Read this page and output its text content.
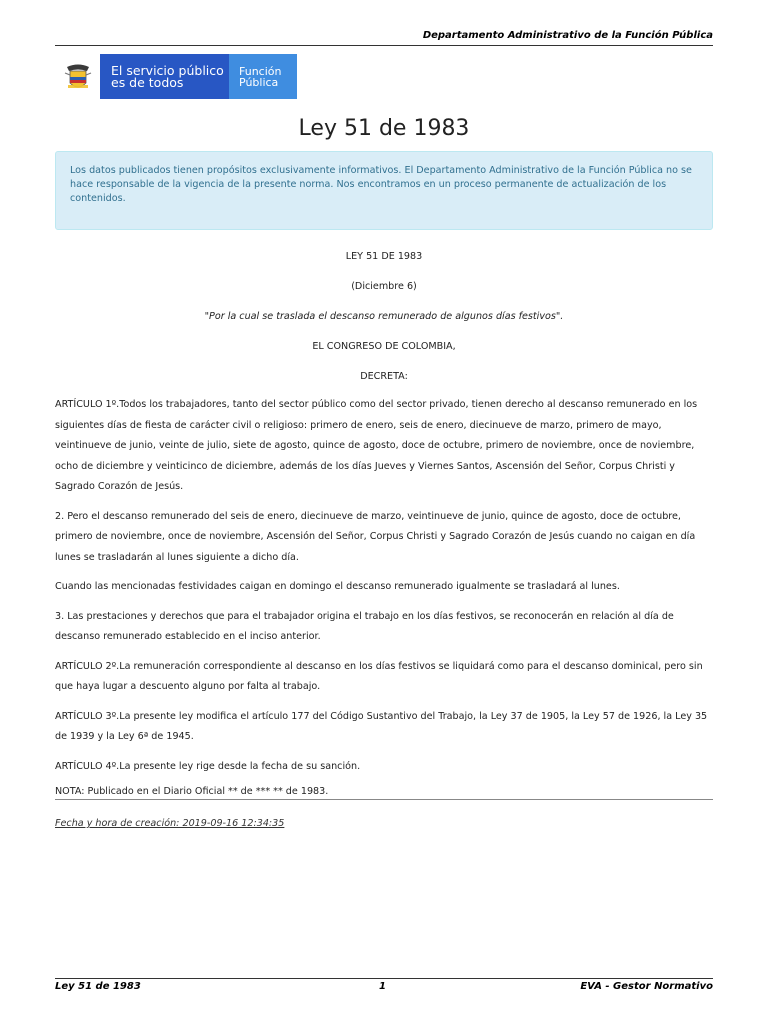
Departamento Administrativo de la Función Pública
El servicio público
es de todos
Función
Pública
Ley 51 de 1983
Los datos publicados tienen propósitos exclusivamente informativos. El Departamento Administrativo de la Función Pública no se hace responsable de la vigencia de la presente norma. Nos encontramos en un proceso permanente de actualización de los contenidos.
LEY 51 DE 1983
(Diciembre 6)
"Por la cual se traslada el descanso remunerado de algunos días festivos".
EL CONGRESO DE COLOMBIA,
DECRETA:

ARTÍCULO 1º.Todos los trabajadores, tanto del sector público como del sector privado, tienen derecho al descanso remunerado en los siguientes días de fiesta de carácter civil o religioso: primero de enero, seis de enero, diecinueve de marzo, primero de mayo, veintinueve de junio, veinte de julio, siete de agosto, quince de agosto, doce de octubre, primero de noviembre, once de noviembre, ocho de diciembre y veinticinco de diciembre, además de los días Jueves y Viernes Santos, Ascensión del Señor, Corpus Christi y Sagrado Corazón de Jesús.

2. Pero el descanso remunerado del seis de enero, diecinueve de marzo, veintinueve de junio, quince de agosto, doce de octubre, primero de noviembre, once de noviembre, Ascensión del Señor, Corpus Christi y Sagrado Corazón de Jesús cuando no caigan en día lunes se trasladarán al lunes siguiente a dicho día.

Cuando las mencionadas festividades caigan en domingo el descanso remunerado igualmente se trasladará al lunes.

3. Las prestaciones y derechos que para el trabajador origina el trabajo en los días festivos, se reconocerán en relación al día de descanso remunerado establecido en el inciso anterior.

ARTÍCULO 2º.La remuneración correspondiente al descanso en los días festivos se liquidará como para el descanso dominical, pero sin que haya lugar a descuento alguno por falta al trabajo.

ARTÍCULO 3º.La presente ley modifica el artículo 177 del Código Sustantivo del Trabajo, la Ley 37 de 1905, la Ley 57 de 1926, la Ley 35 de 1939 y la Ley 6ª de 1945.

ARTÍCULO 4º.La presente ley rige desde la fecha de su sanción.

NOTA: Publicado en el Diario Oficial ** de *** ** de 1983.

Fecha y hora de creación: 2019-09-16 12:34:35
Ley 51 de 1983	1	EVA - Gestor Normativo
